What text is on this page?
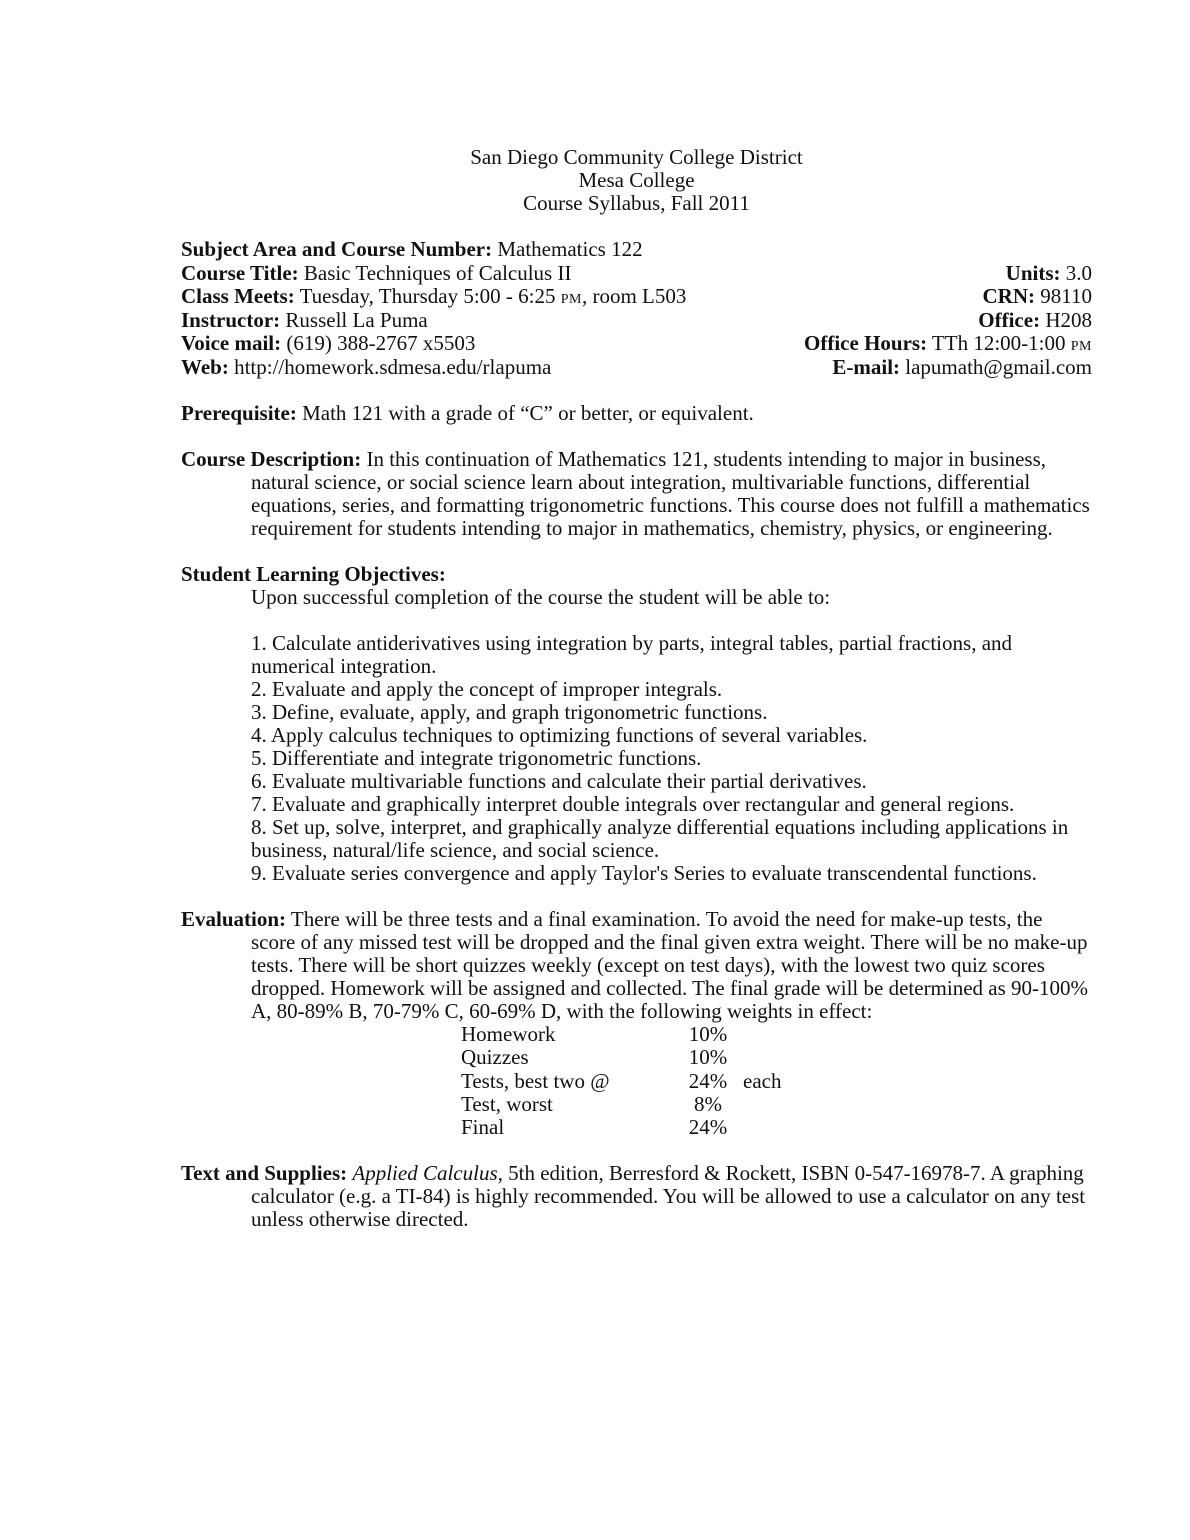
San Diego Community College District
Mesa College
Course Syllabus, Fall 2011
Subject Area and Course Number: Mathematics 122
Course Title: Basic Techniques of Calculus II	Units: 3.0
Class Meets: Tuesday, Thursday 5:00 - 6:25 PM, room L503	CRN: 98110
Instructor: Russell La Puma	Office: H208
Voice mail: (619) 388-2767 x5503	Office Hours: TTh 12:00-1:00 PM
Web: http://homework.sdmesa.edu/rlapuma	E-mail: lapumath@gmail.com
Prerequisite: Math 121 with a grade of “C” or better, or equivalent.
Course Description: In this continuation of Mathematics 121, students intending to major in business, natural science, or social science learn about integration, multivariable functions, differential equations, series, and formatting trigonometric functions. This course does not fulfill a mathematics requirement for students intending to major in mathematics, chemistry, physics, or engineering.
Student Learning Objectives:
Upon successful completion of the course the student will be able to:
1. Calculate antiderivatives using integration by parts, integral tables, partial fractions, and numerical integration.
2. Evaluate and apply the concept of improper integrals.
3. Define, evaluate, apply, and graph trigonometric functions.
4. Apply calculus techniques to optimizing functions of several variables.
5. Differentiate and integrate trigonometric functions.
6. Evaluate multivariable functions and calculate their partial derivatives.
7. Evaluate and graphically interpret double integrals over rectangular and general regions.
8. Set up, solve, interpret, and graphically analyze differential equations including applications in business, natural/life science, and social science.
9. Evaluate series convergence and apply Taylor's Series to evaluate transcendental functions.
Evaluation: There will be three tests and a final examination. To avoid the need for make-up tests, the score of any missed test will be dropped and the final given extra weight. There will be no make-up tests. There will be short quizzes weekly (except on test days), with the lowest two quiz scores dropped. Homework will be assigned and collected. The final grade will be determined as 90-100% A, 80-89% B, 70-79% C, 60-69% D, with the following weights in effect:
Homework	10%
Quizzes	10%
Tests, best two @	24% each
Test, worst	8%
Final	24%
Text and Supplies: Applied Calculus, 5th edition, Berresford & Rockett, ISBN 0-547-16978-7. A graphing calculator (e.g. a TI-84) is highly recommended. You will be allowed to use a calculator on any test unless otherwise directed.
